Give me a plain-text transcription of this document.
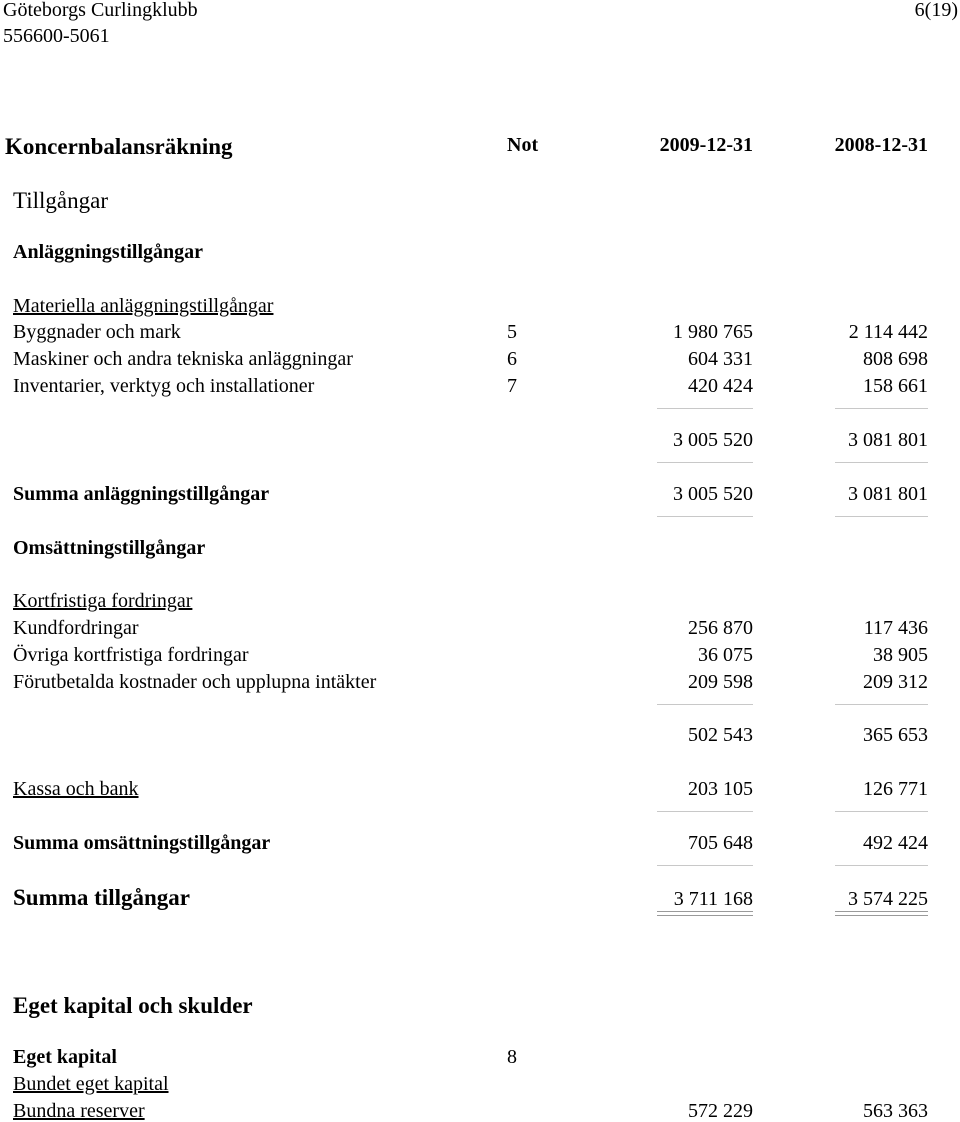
Göteborgs Curlingklubb
556600-5061
6(19)
Koncernbalansräkning	Not	2009-12-31	2008-12-31
Tillgångar
Anläggningstillgångar
Materiella anläggningstillgångar
Byggnader och mark	5	1 980 765	2 114 442
Maskiner och andra tekniska anläggningar	6	604 331	808 698
Inventarier, verktyg och installationer	7	420 424	158 661
3 005 520	3 081 801
Summa anläggningstillgångar	3 005 520	3 081 801
Omsättningstillgångar
Kortfristiga fordringar
Kundfordringar	256 870	117 436
Övriga kortfristiga fordringar	36 075	38 905
Förutbetalda kostnader och upplupna intäkter	209 598	209 312
502 543	365 653
Kassa och bank	203 105	126 771
Summa omsättningstillgångar	705 648	492 424
Summa tillgångar	3 711 168	3 574 225
Eget kapital och skulder
Eget kapital	8
Bundet eget kapital
Bundna reserver	572 229	563 363
